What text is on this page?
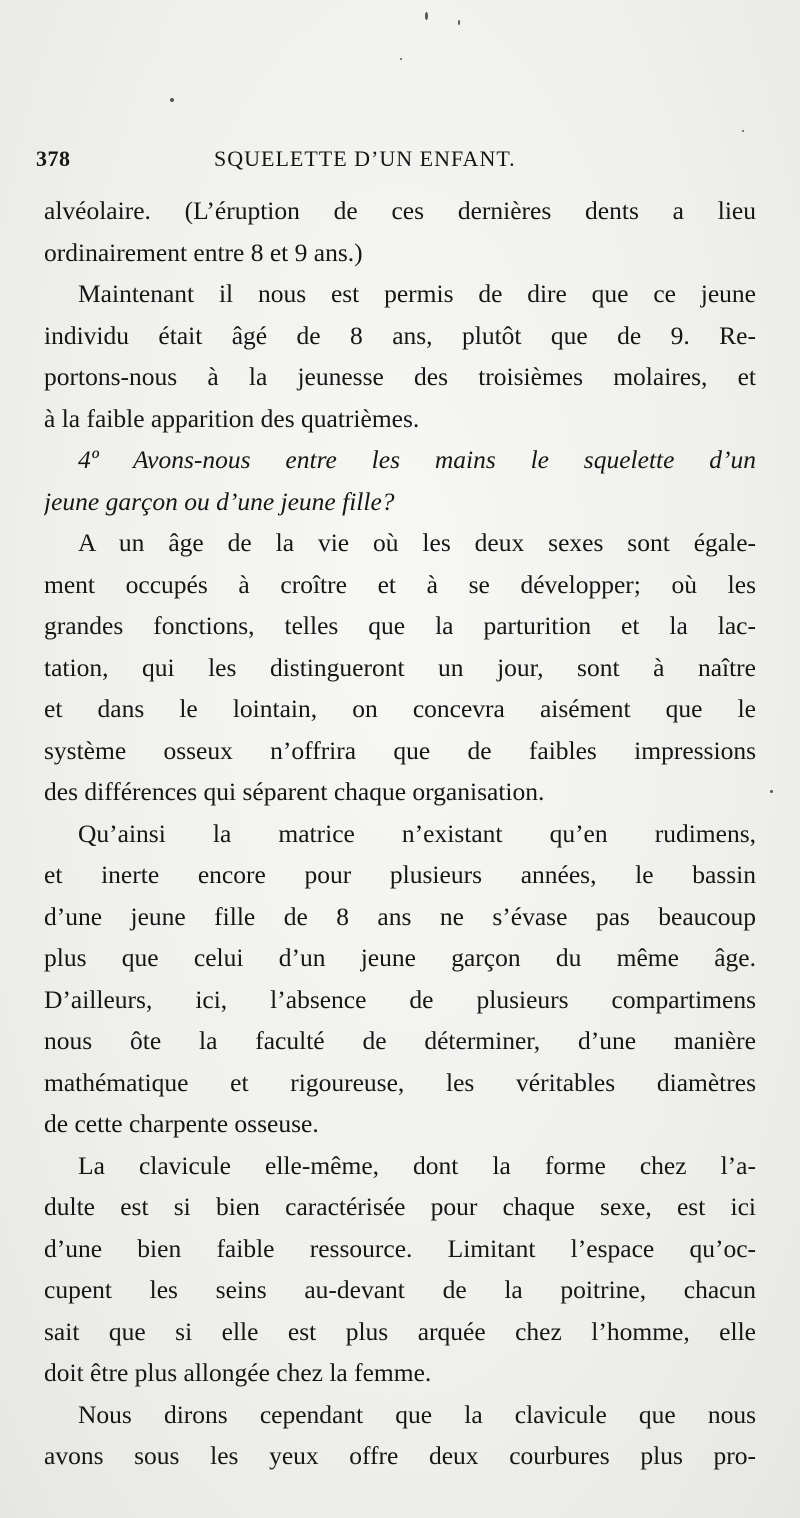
378	SQUELETTE D’UN ENFANT.
alvéolaire. (L’éruption de ces dernières dents a lieu
ordinairement entre 8 et 9 ans.)
Maintenant il nous est permis de dire que ce jeune
individu était âgé de 8 ans, plutôt que de 9. Re-
portons-nous à la jeunesse des troisièmes molaires, et
à la faible apparition des quatrièmes.
4º Avons-nous entre les mains le squelette d’un
jeune garçon ou d’une jeune fille?
A un âge de la vie où les deux sexes sont égale-
ment occupés à croître et à se développer; où les
grandes fonctions, telles que la parturition et la lac-
tation, qui les distingueront un jour, sont à naître
et dans le lointain, on concevra aisément que le
système osseux n’offrira que de faibles impressions
des différences qui séparent chaque organisation.
Qu’ainsi la matrice n’existant qu’en rudimens,
et inerte encore pour plusieurs années, le bassin
d’une jeune fille de 8 ans ne s’évase pas beaucoup
plus que celui d’un jeune garçon du même âge.
D’ailleurs, ici, l’absence de plusieurs compartimens
nous ôte la faculté de déterminer, d’une manière
mathématique et rigoureuse, les véritables diamètres
de cette charpente osseuse.
La clavicule elle-même, dont la forme chez l’a-
dulte est si bien caractérisée pour chaque sexe, est ici
d’une bien faible ressource. Limitant l’espace qu’oc-
cupent les seins au-devant de la poitrine, chacun
sait que si elle est plus arquée chez l’homme, elle
doit être plus allongée chez la femme.
Nous dirons cependant que la clavicule que nous
avons sous les yeux offre deux courbures plus pro-
